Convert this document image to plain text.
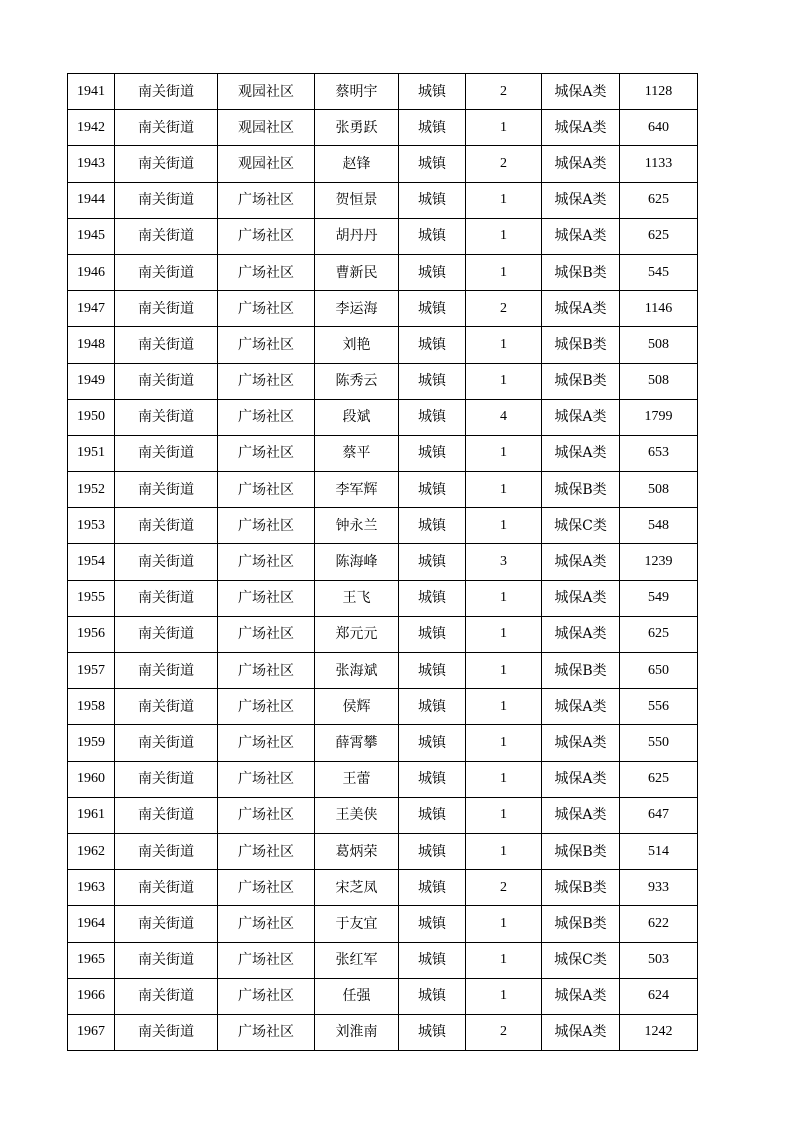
1941	南关街道	观园社区	蔡明宇	城镇	2	城保A类	1128
1942	南关街道	观园社区	张勇跃	城镇	1	城保A类	640
1943	南关街道	观园社区	赵锋	城镇	2	城保A类	1133
1944	南关街道	广场社区	贺恒景	城镇	1	城保A类	625
1945	南关街道	广场社区	胡丹丹	城镇	1	城保A类	625
1946	南关街道	广场社区	曹新民	城镇	1	城保B类	545
1947	南关街道	广场社区	李运海	城镇	2	城保A类	1146
1948	南关街道	广场社区	刘艳	城镇	1	城保B类	508
1949	南关街道	广场社区	陈秀云	城镇	1	城保B类	508
1950	南关街道	广场社区	段斌	城镇	4	城保A类	1799
1951	南关街道	广场社区	蔡平	城镇	1	城保A类	653
1952	南关街道	广场社区	李军辉	城镇	1	城保B类	508
1953	南关街道	广场社区	钟永兰	城镇	1	城保C类	548
1954	南关街道	广场社区	陈海峰	城镇	3	城保A类	1239
1955	南关街道	广场社区	王飞	城镇	1	城保A类	549
1956	南关街道	广场社区	郑元元	城镇	1	城保A类	625
1957	南关街道	广场社区	张海斌	城镇	1	城保B类	650
1958	南关街道	广场社区	侯辉	城镇	1	城保A类	556
1959	南关街道	广场社区	薛霄攀	城镇	1	城保A类	550
1960	南关街道	广场社区	王蕾	城镇	1	城保A类	625
1961	南关街道	广场社区	王美侠	城镇	1	城保A类	647
1962	南关街道	广场社区	葛炳荣	城镇	1	城保B类	514
1963	南关街道	广场社区	宋芝凤	城镇	2	城保B类	933
1964	南关街道	广场社区	于友宜	城镇	1	城保B类	622
1965	南关街道	广场社区	张红军	城镇	1	城保C类	503
1966	南关街道	广场社区	任强	城镇	1	城保A类	624
1967	南关街道	广场社区	刘淮南	城镇	2	城保A类	1242
